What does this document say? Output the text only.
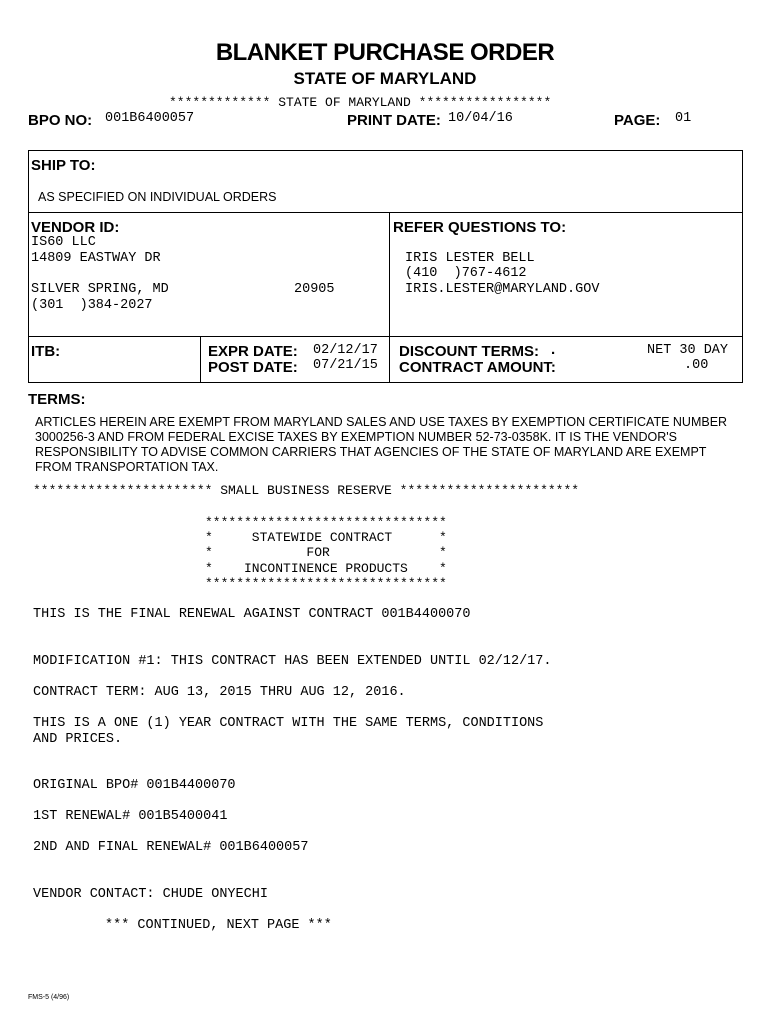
BLANKET PURCHASE ORDER
STATE OF MARYLAND
************* STATE OF MARYLAND *****************
BPO NO: 001B6400057	PRINT DATE: 10/04/16	PAGE: 01
SHIP TO:
AS SPECIFIED ON INDIVIDUAL ORDERS
VENDOR ID:
IS60 LLC
14809 EASTWAY DR
SILVER SPRING, MD	20905
(301  )384-2027
REFER QUESTIONS TO:
IRIS LESTER BELL
(410  )767-4612
IRIS.LESTER@MARYLAND.GOV
ITB:	EXPR DATE: 02/12/17
POST DATE: 07/21/15
DISCOUNT TERMS: .	NET 30 DAY
CONTRACT AMOUNT:	.00
TERMS:
ARTICLES HEREIN ARE EXEMPT FROM MARYLAND SALES AND USE TAXES BY EXEMPTION CERTIFICATE NUMBER 3000256-3 AND FROM FEDERAL EXCISE TAXES BY EXEMPTION NUMBER 52-73-0358K. IT IS THE VENDOR'S RESPONSIBILITY TO ADVISE COMMON CARRIERS THAT AGENCIES OF THE STATE OF MARYLAND ARE EXEMPT FROM TRANSPORTATION TAX.
*********************** SMALL BUSINESS RESERVE ***********************
*******************************
*     STATEWIDE CONTRACT      *
*            FOR              *
*    INCONTINENCE PRODUCTS    *
*******************************
THIS IS THE FINAL RENEWAL AGAINST CONTRACT 001B4400070
MODIFICATION #1: THIS CONTRACT HAS BEEN EXTENDED UNTIL 02/12/17.
CONTRACT TERM: AUG 13, 2015 THRU AUG 12, 2016.
THIS IS A ONE (1) YEAR CONTRACT WITH THE SAME TERMS, CONDITIONS
AND PRICES.
ORIGINAL BPO# 001B4400070
1ST RENEWAL# 001B5400041
2ND AND FINAL RENEWAL# 001B6400057
VENDOR CONTACT: CHUDE ONYECHI
*** CONTINUED, NEXT PAGE ***
FMS-5 (4/96)
